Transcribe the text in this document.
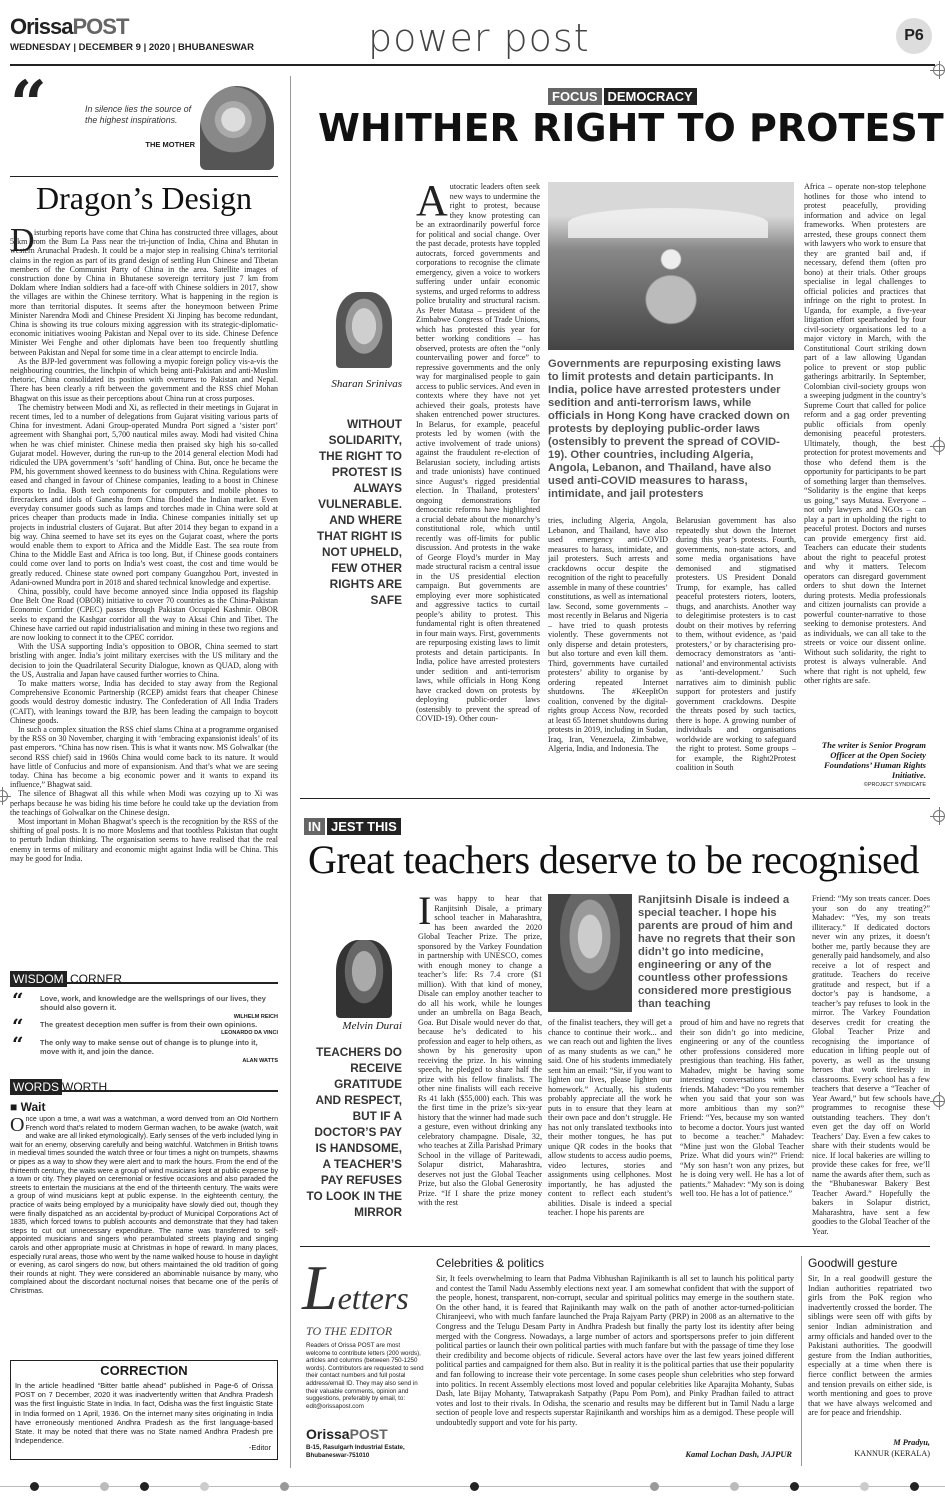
OrissaPOST
WEDNESDAY | DECEMBER 9 | 2020 | BHUBANESWAR	power post	P6
“	In silence lies the source of the highest inspirations.
THE MOTHER
Dragon’s Design
D isturbing reports have come that China has constructed three villages, about 5 km from the Bum La Pass near the tri-junction of India, China and Bhutan in western Arunachal Pradesh. It could be a major step in realising China’s territorial claims in the region as part of its grand design of settling Hun Chinese and Tibetan members of the Communist Party of China in the area. Satellite images of construction done by China in Bhutanese sovereign territory just 7 km from Doklam where Indian soldiers had a face-off with Chinese soldiers in 2017, show the villages are within the Chinese territory. What is happening in the region is more than territorial disputes. It seems after the honeymoon between Prime Minister Narendra Modi and Chinese President Xi Jinping has become redundant, China is showing its true colours mixing aggression with its strategic-diplomatic-economic initiatives wooing Pakistan and Nepal over to its side. Chinese Defence Minister Wei Fenghe and other diplomats have been too frequently shuttling between Pakistan and Nepal for some time in a clear attempt to encircle India.

As the BJP-led government was following a myopic foreign policy vis-a-vis the neighbouring countries, the linchpin of which being anti-Pakistan and anti-Muslim rhetoric, China consolidated its position with overtures to Pakistan and Nepal. There has been clearly a rift between the government and the RSS chief Mohan Bhagwat on this issue as their perceptions about China run at cross purposes.

The chemistry between Modi and Xi, as reflected in their meetings in Gujarat in recent times, led to a number of delegations from Gujarat visiting various parts of China for investment. Adani Group-operated Mundra Port signed a ‘sister port’ agreement with Shanghai port, 5,700 nautical miles away. Modi had visited China when he was chief minister. Chinese media then praised sky high his so-called Gujarat model. However, during the run-up to the 2014 general election Modi had ridiculed the UPA government’s ‘soft’ handling of China. But, once he became the PM, his government showed keenness to do business with China. Regulations were eased and changed in favour of Chinese companies, leading to a boost in Chinese exports to India. Both tech components for computers and mobile phones to firecrackers and idols of Ganesha from China flooded the Indian market. Even everyday consumer goods such as lamps and torches made in China were sold at prices cheaper than products made in India. Chinese companies initially set up projects in industrial clusters of Gujarat. But after 2014 they began to expand in a big way. China seemed to have set its eyes on the Gujarat coast, where the ports would enable them to export to Africa and the Middle East. The sea route from China to the Middle East and Africa is too long. But, if Chinese goods containers could come over land to ports on India’s west coast, the cost and time would be greatly reduced. Chinese state owned port company Guangzhou Port, invested in Adani-owned Mundra port in 2018 and shared technical knowledge and expertise.

China, possibly, could have become annoyed since India opposed its flagship One Belt One Road (OBOR) initiative to cover 70 countries as the China-Pakistan Economic Corridor (CPEC) passes through Pakistan Occupied Kashmir. OBOR seeks to expand the Kashgar corridor all the way to Aksai Chin and Tibet. The Chinese have carried out rapid industrialisation and mining in these two regions and are now looking to connect it to the CPEC corridor.

With the USA supporting India’s opposition to OBOR, China seemed to start bristling with anger. India’s joint military exercises with the US military and the decision to join the Quadrilateral Security Dialogue, known as QUAD, along with the US, Australia and Japan have caused further worries to China.

To make matters worse, India has decided to stay away from the Regional Comprehensive Economic Partnership (RCEP) amidst fears that cheaper Chinese goods would destroy domestic industry. The Confederation of All India Traders (CAIT), with leanings toward the BJP, has been leading the campaign to boycott Chinese goods.

In such a complex situation the RSS chief slams China at a programme organised by the RSS on 30 November, charging it with ‘embracing expansionist ideals’ of its past emperors. “China has now risen. This is what it wants now. MS Golwalkar (the second RSS chief) said in 1960s China would come back to its nature. It would have little of Confucius and more of expansionism. And that’s what we are seeing today. China has become a big economic power and it wants to expand its influence,” Bhagwat said.

The silence of Bhagwat all this while when Modi was cozying up to Xi was perhaps because he was biding his time before he could take up the deviation from the teachings of Golwalkar on the Chinese design.

Most important in Mohan Bhagwat’s speech is the recognition by the RSS of the shifting of goal posts. It is no more Moslems and that toothless Pakistan that ought to perturb Indian thinking. The organisation seems to have realised that the real enemy in terms of military and economic might against India will be China. This may be good for India.

WISDOM CORNER
“ Love, work, and knowledge are the wellsprings of our lives, they should also govern it.
WILHELM REICH
“ The greatest deception men suffer is from their own opinions.
LEONARDO DA VINCI
“ The only way to make sense out of change is to plunge into it, move with it, and join the dance.
ALAN WATTS
WORDS WORTH
■ Wait
Once upon a time, a wait was a watchman, a word derived from an Old Northern French word that’s related to modern German wachen, to be awake (watch, wait and wake are all linked etymologically). Early senses of the verb included lying in wait for an enemy, observing carefully and being watchful. Watchmen in British towns in medieval times sounded the watch three or four times a night on trumpets, shawms or pipes as a way to show they were alert and to mark the hours. From the end of the thirteenth century, the waits were a group of wind musicians kept at public expense by a town or city. They played on ceremonial or festive occasions and also paraded the streets to entertain the musicians at the end of the thirteenth century. The waits were a group of wind musicians kept at public expense. In the eighteenth century, the practice of waits being employed by a municipality have slowly died out, though they were finally dispatched as an accidental by-product of Municipal Corporations Act of 1835, which forced towns to publish accounts and demonstrate that they had taken steps to cut out unnecessary expenditure. The name was transferred to self-appointed musicians and singers who perambulated streets playing and singing carols and other appropriate music at Christmas in hope of reward. In many places, especially rural areas, those who went by the name walked house to house in daylight or evening, as carol singers do now, but others maintained the old tradition of going their rounds at night. They were considered an abominable nuisance by many, who complained about the discordant nocturnal noises that became one of the perils of Christmas.
CORRECTION
In the article headlined “Bitter battle ahead” published in Page-6 of Orissa POST on 7 December, 2020 it was inadvertently written that Andhra Pradesh was the first linguistic State in India. In fact, Odisha was the first linguistic State in India formed on 1 April, 1936. On the internet many sites originating in India have erroneously mentioned Andhra Pradesh as the first language-based State. It may be noted that there was no State named Andhra Pradesh pre Independence.
-Editor
FOCUS DEMOCRACY
WHITHER RIGHT TO PROTEST
Sharan Srinivas
WITHOUT SOLIDARITY, THE RIGHT TO PROTEST IS ALWAYS VULNERABLE. AND WHERE THAT RIGHT IS NOT UPHELD, FEW OTHER RIGHTS ARE SAFE
Autocratic leaders often seek new ways to undermine the right to protest, because they know protesting can be an extraordinarily powerful force for political and social change. Over the past decade, protests have toppled autocrats, forced governments and corporations to recognise the climate emergency, given a voice to workers suffering under unfair economic systems, and urged reforms to address police brutality and structural racism. As Peter Mutasa – president of the Zimbabwe Congress of Trade Unions, which has protested this year for better working conditions – has observed, protests are often the “only countervailing power and force” to repressive governments and the only way for marginalised people to gain access to public services. And even in contexts where they have not yet achieved their goals, protests have shaken entrenched power structures. In Belarus, for example, peaceful protests led by women (with the active involvement of trade unions) against the fraudulent re-election of Belarusian society, including artists and trade unionists) have continued since August’s rigged presidential election. In Thailand, protesters’ ongoing demonstrations for democratic reforms have highlighted a crucial debate about the monarchy’s constitutional role, which until recently was off-limits for public discussion. And protests in the wake of George Floyd’s murder in May made structural racism a central issue in the US presidential election campaign. But governments are employing ever more sophisticated and aggressive tactics to curtail people’s ability to protest. This fundamental right is often threatened in four main ways. First, governments are repurposing existing laws to limit protests and detain participants. In India, police have arrested protesters under sedition and anti-terrorism laws, while officials in Hong Kong have cracked down on protests by deploying public-order laws (ostensibly to prevent the spread of COVID-19). Other coun-
Governments are repurposing existing laws to limit protests and detain participants. In India, police have arrested protesters under sedition and anti-terrorism laws, while officials in Hong Kong have cracked down on protests by deploying public-order laws (ostensibly to prevent the spread of COVID-19). Other countries, including Algeria, Angola, Lebanon, and Thailand, have also used anti-COVID measures to harass, intimidate, and jail protesters
tries, including Algeria, Angola, Lebanon, and Thailand, have also used emergency anti-COVID measures to harass, intimidate, and jail protesters. Such arrests and crackdowns occur despite the recognition of the right to peacefully assemble in many of these countries’ constitutions, as well as international law. Second, some governments – most recently in Belarus and Nigeria – have tried to quash protests violently. These governments not only disperse and detain protesters, but also torture and even kill them. Third, governments have curtailed protesters’ ability to organise by ordering repeated Internet shutdowns. The #KeepItOn coalition, convened by the digital-rights group Access Now, recorded at least 65 Internet shutdowns during protests in 2019, including in Sudan, Iraq, Iran, Venezuela, Zimbabwe, Algeria, India, and Indonesia. The
Belarusian government has also repeatedly shut down the Internet during this year’s protests. Fourth, governments, non-state actors, and some media organisations have demonised and stigmatised protesters. US President Donald Trump, for example, has called peaceful protesters rioters, looters, thugs, and anarchists. Another way to delegitimise protesters is to cast doubt on their motives by referring to them, without evidence, as ‘paid protesters,’ or by characterising pro-democracy demonstrators as ‘anti-national’ and environmental activists as ‘anti-development.’ Such narratives aim to diminish public support for protesters and justify government crackdowns. Despite the threats posed by such tactics, there is hope. A growing number of individuals and organisations worldwide are working to safeguard the right to protest. Some groups – for example, the Right2Protest coalition in South
Africa – operate non-stop telephone hotlines for those who intend to protest peacefully, providing information and advice on legal frameworks. When protesters are arrested, these groups connect them with lawyers who work to ensure that they are granted bail and, if necessary, defend them (often pro bono) at their trials. Other groups specialise in legal challenges to official policies and practices that infringe on the right to protest. In Uganda, for example, a five-year litigation effort spearheaded by four civil-society organisations led to a major victory in March, with the Constitutional Court striking down part of a law allowing Ugandan police to prevent or stop public gatherings arbitrarily. In September, Colombian civil-society groups won a sweeping judgment in the country’s Supreme Court that called for police reform and a gag order preventing public officials from openly demonising peaceful protesters. Ultimately, though, the best protection for protest movements and those who defend them is the opportunity for participants to be part of something larger than themselves. “Solidarity is the engine that keeps us going,” says Mutasa. Everyone – not only lawyers and NGOs – can play a part in upholding the right to peaceful protest. Doctors and nurses can provide emergency first aid. Teachers can educate their students about the right to peaceful protest and why it matters. Telecom operators can disregard government orders to shut down the Internet during protests. Media professionals and citizen journalists can provide a powerful counter-narrative to those seeking to demonise protesters. And as individuals, we can all take to the streets or voice our dissent online. Without such solidarity, the right to protest is always vulnerable. And where that right is not upheld, few other rights are safe.
The writer is Senior Program Officer at the Open Society Foundations’ Human Rights Initiative.
©PROJECT SYNDICATE
IN JEST THIS
Great teachers deserve to be recognised
Melvin Durai
TEACHERS DO RECEIVE GRATITUDE AND RESPECT, BUT IF A DOCTOR’S PAY IS HANDSOME, A TEACHER’S PAY REFUSES TO LOOK IN THE MIRROR
Iwas happy to hear that Ranjitsinh Disale, a primary school teacher in Maharashtra, has been awarded the 2020 Global Teacher Prize. The prize, sponsored by the Varkey Foundation in partnership with UNESCO, comes with enough money to change a teacher’s life: Rs 7.4 crore ($1 million). With that kind of money, Disale can employ another teacher to do all his work, while he lounges under an umbrella on Baga Beach, Goa. But Disale would never do that, because he’s dedicated to his profession and eager to help others, as shown by his generosity upon receiving the prize. In his winning speech, he pledged to share half the prize with his fellow finalists. The other nine finalists will each receive Rs 41 lakh ($55,000) each. This was the first time in the prize’s six-year history that the winner had made such a gesture, even without drinking any celebratory champagne. Disale, 32, who teaches at Zilla Parishad Primary School in the village of Paritewadi, Solapur district, Maharashtra, deserves not just the Global Teacher Prize, but also the Global Generosity Prize. “If I share the prize money with the rest
Ranjitsinh Disale is indeed a special teacher. I hope his parents are proud of him and have no regrets that their son didn’t go into medicine, engineering or any of the countless other professions considered more prestigious than teaching
of the finalist teachers, they will get a chance to continue their work... and we can reach out and lighten the lives of as many students as we can,” he said. One of his students immediately sent him an email: “Sir, if you want to lighten our lives, please lighten our homework.” Actually, his students probably appreciate all the work he puts in to ensure that they learn at their own pace and don’t struggle. He has not only translated textbooks into their mother tongues, he has put unique QR codes in the books that allow students to access audio poems, video lectures, stories and assignments using cellphones. Most importantly, he has adjusted the content to reflect each student’s abilities. Disale is indeed a special teacher. I hope his parents are
proud of him and have no regrets that their son didn’t go into medicine, engineering or any of the countless other professions considered more prestigious than teaching. His father, Mahadev, might be having some interesting conversations with his friends. Mahadev: “Do you remember when you said that your son was more ambitious than my son?” Friend: “Yes, because my son wanted to become a doctor. Yours just wanted to become a teacher.” Mahadev: “Mine just won the Global Teacher Prize. What did yours win?” Friend: “My son hasn’t won any prizes, but he is doing very well. He has a lot of patients.” Mahadev: “My son is doing well too. He has a lot of patience.”
Friend: “My son treats cancer. Does your son do any treating?” Mahadev: “Yes, my son treats illiteracy.” If dedicated doctors never win any prizes, it doesn’t bother me, partly because they are generally paid handsomely, and also receive a lot of respect and gratitude. Teachers do receive gratitude and respect, but if a doctor’s pay is handsome, a teacher’s pay refuses to look in the mirror. The Varkey Foundation deserves credit for creating the Global Teacher Prize and recognising the importance of education in lifting people out of poverty, as well as the unsung heroes that work tirelessly in classrooms. Every school has a few teachers that deserve a “Teacher of Year Award,” but few schools have programmes to recognise these outstanding teachers. They don’t even get the day off on World Teachers’ Day. Even a few cakes to share with their students would be nice. If local bakeries are willing to provide these cakes for free, we’ll name the awards after them, such as the “Bhubaneswar Bakery Best Teacher Award.” Hopefully the bakers in Solapur district, Maharashtra, have sent a few goodies to the Global Teacher of the Year.
Letters
TO THE EDITOR
Readers of Orissa POST are most welcome to contribute letters (200 words), articles and columns (between 750-1250 words). Contributors are requested to send their contact numbers and full postal address/email ID. They may also send in their valuable comments, opinion and suggestions, preferably by email, to: edit@orissapost.com
OrissaPOST
B-15, Rasulgarh Industrial Estate, Bhubaneswar-751010
Celebrities & politics
Sir, It feels overwhelming to learn that Padma Vibhushan Rajinikanth is all set to launch his political party and contest the Tamil Nadu Assembly elections next year. I am somewhat confident that with the support of the people, honest, transparent, non-corrupt, secular and spiritual politics may emerge in the southern state. On the other hand, it is feared that Rajinikanth may walk on the path of another actor-turned-politician Chiranjeevi, who with much fanfare launched the Praja Rajyam Party (PRP) in 2008 as an alternative to the Congress and the Telugu Desam Party in Andhra Pradesh but finally the party lost its identity after being merged with the Congress. Nowadays, a large number of actors and sportspersons prefer to join different political parties or launch their own political parties with much fanfare but with the passage of time they lose their credibility and become objects of ridicule. Several actors have over the last few years joined different political parties and campaigned for them also. But in reality it is the political parties that use their popularity and fan following to increase their vote percentage. In some cases people shun celebrities who step forward into politics. In recent Assembly elections most loved and popular celebrities like Aparajita Mohanty, Subas Dash, late Bijay Mohanty, Tatwaprakash Satpathy (Papu Pom Pom), and Pinky Pradhan failed to attract votes and lost to their rivals. In Odisha, the scenario and results may be different but in Tamil Nadu a large section of people love and respects superstar Rajinikanth and worships him as a demigod. These people will undoubtedly support and vote for his party.
Kamal Lochan Dash, JAJPUR
Goodwill gesture
Sir, In a real goodwill gesture the Indian authorities repatriated two girls from the PoK region who inadvertently crossed the border. The siblings were seen off with gifts by senior Indian administration and army officials and handed over to the Pakistani authorities. The goodwill gesture from the Indian authorities, especially at a time when there is fierce conflict between the armies and tension prevails on either side, is worth mentioning and goes to prove that we have always welcomed and are for peace and friendship.
M Pradyu,
KANNUR (KERALA)
